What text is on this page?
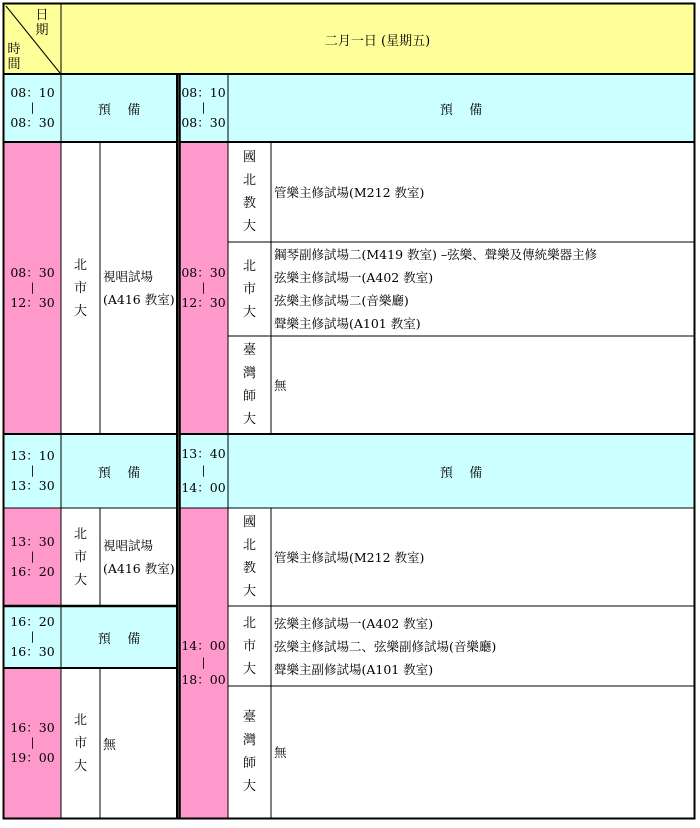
日
期
時
間
二月一日 (星期五)
08：10
|
08：30
預    備
08：30
|
12：30
北
市
大
視唱試場
(A416 教室)
13：10
|
13：30
預    備
13：30
|
16：20
北
市
大
視唱試場
(A416 教室)
16：20
|
16：30
預    備
16：30
|
19：00
北
市
大
無
08：10
|
08：30
預    備
08：30
|
12：30
國
北
教
大
管樂主修試場(M212 教室)
北
市
大
鋼琴副修試場二(M419 教室) –弦樂、聲樂及傳統樂器主修
弦樂主修試場一(A402 教室)
弦樂主修試場二(音樂廳)
聲樂主修試場(A101 教室)
臺
灣
師
大
無
13：40
|
14：00
預    備
14：00
|
18：00
國
北
教
大
管樂主修試場(M212 教室)
北
市
大
弦樂主修試場一(A402 教室)
弦樂主修試場二、弦樂副修試場(音樂廳)
聲樂主副修試場(A101 教室)
臺
灣
師
大
無
